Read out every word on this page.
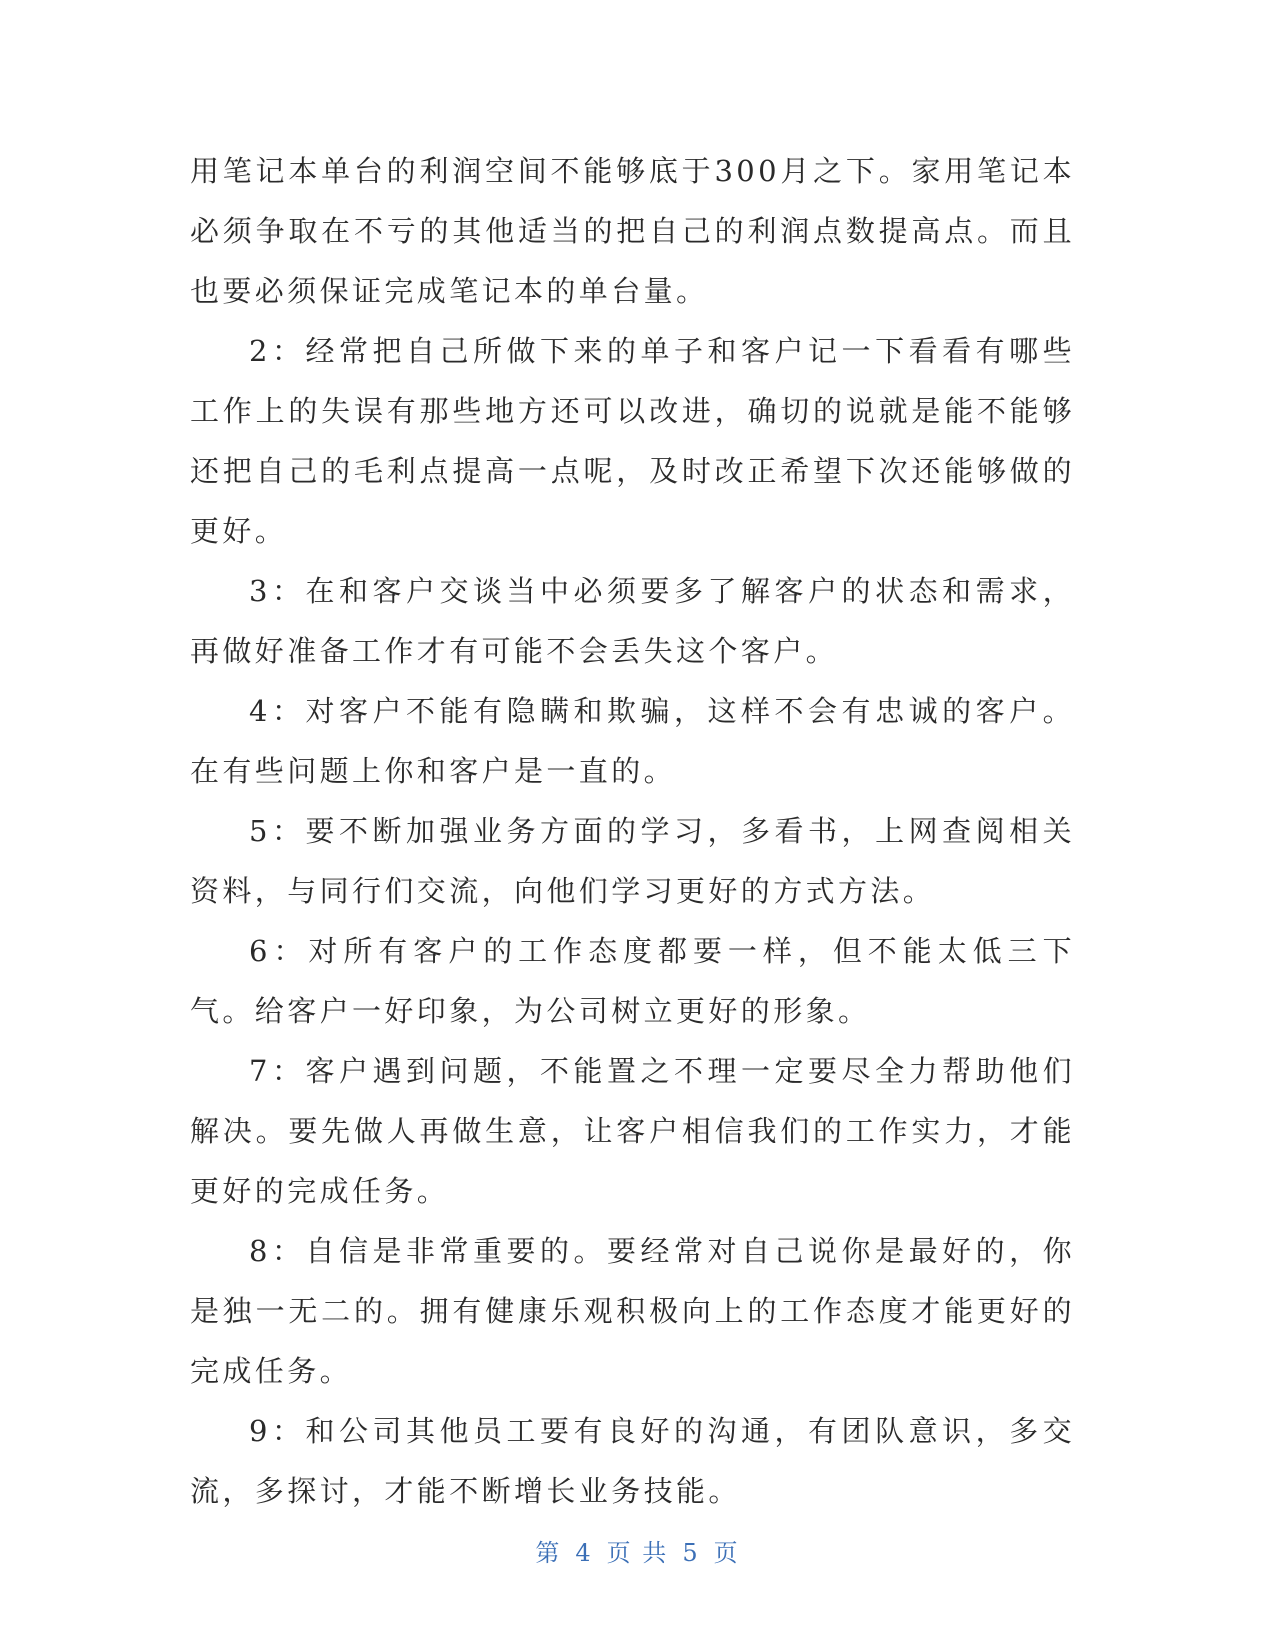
用笔记本单台的利润空间不能够底于300月之下。家用笔记本必须争取在不亏的其他适当的把自己的利润点数提高点。而且也要必须保证完成笔记本的单台量。

2：经常把自己所做下来的单子和客户记一下看看有哪些工作上的失误有那些地方还可以改进，确切的说就是能不能够还把自己的毛利点提高一点呢，及时改正希望下次还能够做的更好。

3：在和客户交谈当中必须要多了解客户的状态和需求，再做好准备工作才有可能不会丢失这个客户。

4：对客户不能有隐瞒和欺骗，这样不会有忠诚的客户。在有些问题上你和客户是一直的。

5：要不断加强业务方面的学习，多看书，上网查阅相关资料，与同行们交流，向他们学习更好的方式方法。

6：对所有客户的工作态度都要一样，但不能太低三下气。给客户一好印象，为公司树立更好的形象。

7：客户遇到问题，不能置之不理一定要尽全力帮助他们解决。要先做人再做生意，让客户相信我们的工作实力，才能更好的完成任务。

8：自信是非常重要的。要经常对自己说你是最好的，你是独一无二的。拥有健康乐观积极向上的工作态度才能更好的完成任务。

9：和公司其他员工要有良好的沟通，有团队意识，多交流，多探讨，才能不断增长业务技能。

第 4 页 共 5 页
